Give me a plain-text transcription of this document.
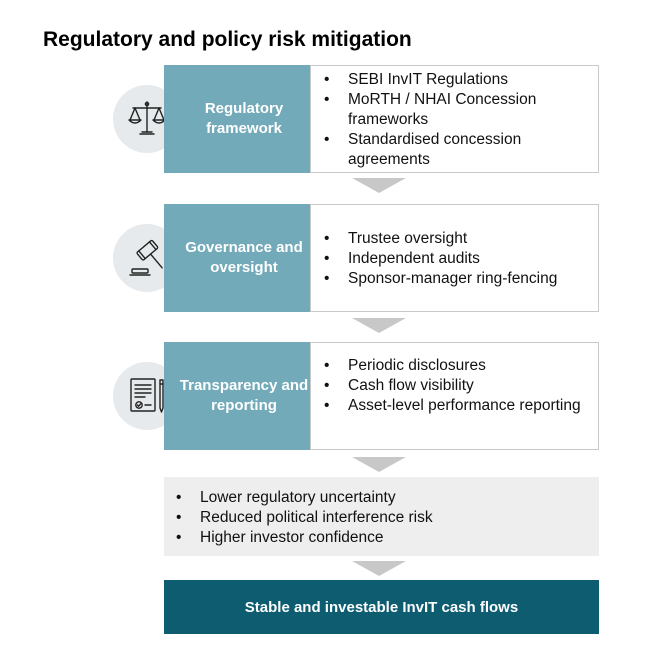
Regulatory and policy risk mitigation
Regulatory framework
• SEBI InvIT Regulations
• MoRTH / NHAI Concession frameworks
• Standardised concession agreements
Governance and oversight
• Trustee oversight
• Independent audits
• Sponsor-manager ring-fencing
Transparency and reporting
• Periodic disclosures
• Cash flow visibility
• Asset-level performance reporting
• Lower regulatory uncertainty
• Reduced political interference risk
• Higher investor confidence
Stable and investable InvIT cash flows
